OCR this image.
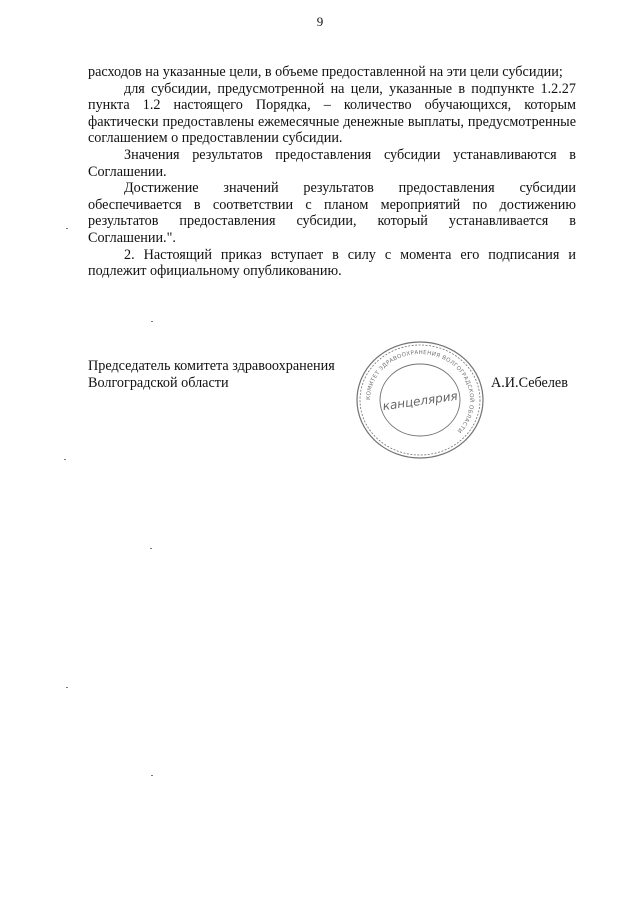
9

расходов на указанные цели, в объеме предоставленной на эти цели субсидии;

для субсидии, предусмотренной на цели, указанные в подпункте 1.2.27 пункта 1.2 настоящего Порядка, – количество обучающихся, которым фактически предоставлены ежемесячные денежные выплаты, предусмотренные соглашением о предоставлении субсидии.

Значения результатов предоставления субсидии устанавливаются в Соглашении.

Достижение значений результатов предоставления субсидии обеспечивается в соответствии с планом мероприятий по достижению результатов предоставления субсидии, который устанавливается в Соглашении.".

2. Настоящий приказ вступает в силу с момента его подписания и подлежит официальному опубликованию.

Председатель комитета здравоохранения
Волгоградской области	А.И.Себелев
КОМИТЕТ ЗДРАВООХРАНЕНИЯ ВОЛГОГРАДСКОЙ ОБЛАСТИ
канцелярия
